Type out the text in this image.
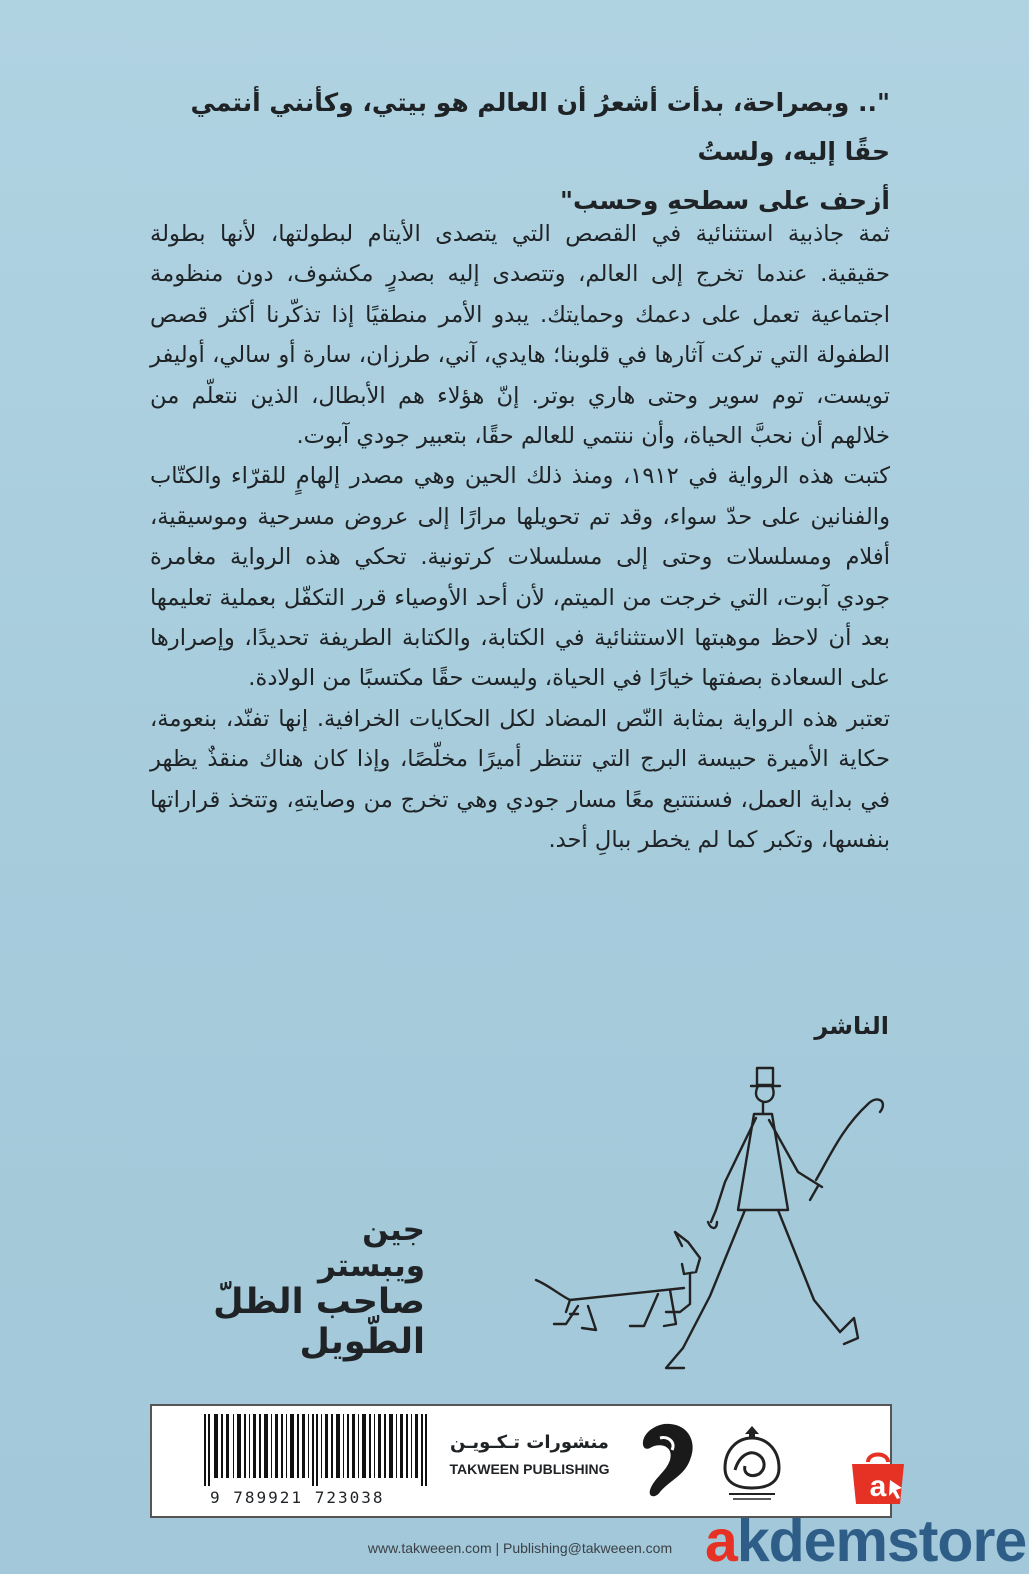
".. وبصراحة، بدأت أشعرُ أن العالم هو بيتي، وكأنني أنتمي حقًا إليه، ولستُ
أزحف على سطحهِ وحسب"

ثمة جاذبية استثنائية في القصص التي يتصدى الأيتام لبطولتها، لأنها بطولة حقيقية. عندما تخرج إلى العالم، وتتصدى إليه بصدرٍ مكشوف، دون منظومة اجتماعية تعمل على دعمك وحمايتك. يبدو الأمر منطقيًا إذا تذكّرنا أكثر قصص الطفولة التي تركت آثارها في قلوبنا؛ هايدي، آني، طرزان، سارة أو سالي، أوليفر تويست، توم سوير وحتى هاري بوتر. إنّ هؤلاء هم الأبطال، الذين نتعلّم من خلالهم أن نحبَّ الحياة، وأن ننتمي للعالم حقًا، بتعبير جودي آبوت.

كتبت هذه الرواية في ١٩١٢، ومنذ ذلك الحين وهي مصدر إلهامٍ للقرّاء والكتّاب والفنانين على حدّ سواء، وقد تم تحويلها مرارًا إلى عروض مسرحية وموسيقية، أفلام ومسلسلات وحتى إلى مسلسلات كرتونية. تحكي هذه الرواية مغامرة جودي آبوت، التي خرجت من الميتم، لأن أحد الأوصياء قرر التكفّل بعملية تعليمها بعد أن لاحظ موهبتها الاستثنائية في الكتابة، والكتابة الطريفة تحديدًا، وإصرارها على السعادة بصفتها خيارًا في الحياة، وليست حقًا مكتسبًا من الولادة.

تعتبر هذه الرواية بمثابة النّص المضاد لكل الحكايات الخرافية. إنها تفنّد، بنعومة، حكاية الأميرة حبيسة البرج التي تنتظر أميرًا مخلّصًا، وإذا كان هناك منقذٌ يظهر في بداية العمل، فسنتتبع معًا مسار جودي وهي تخرج من وصايتهِ، وتتخذ قراراتها بنفسها، وتكبر كما لم يخطر ببالِ أحد.

الناشر
جين ويبستر
صاحب الظلّ الطّويل
9 789921 723038
منشورات تـكـويـن
TAKWEEN PUBLISHING
www.takweeen.com | Publishing@takweeen.com
a
akdemstore
